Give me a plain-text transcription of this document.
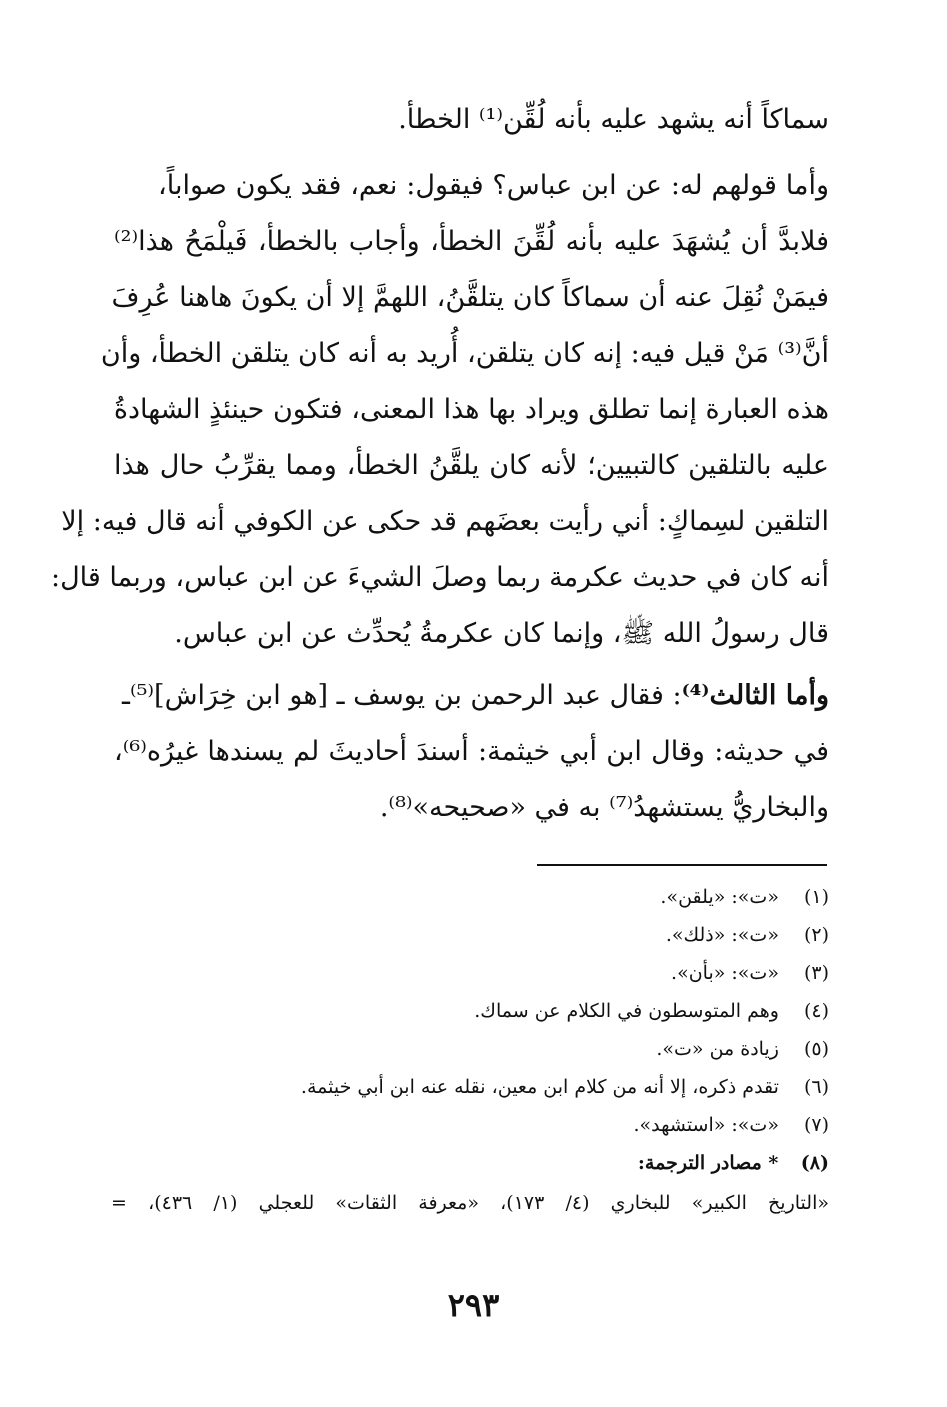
سماكاً أنه يشهد عليه بأنه لُقِّن⁽¹⁾ الخطأ.
وأما قولهم له: عن ابن عباس؟ فيقول: نعم، فقد يكون صواباً،
فلابدَّ أن يُشهَدَ عليه بأنه لُقِّنَ الخطأ، وأجاب بالخطأ، فَيلْمَحُ هذا⁽²⁾
فيمَنْ نُقِلَ عنه أن سماكاً كان يتلقَّنُ، اللهمَّ إلا أن يكونَ هاهنا عُرِفَ
أنَّ⁽³⁾ مَنْ قيل فيه: إنه كان يتلقن، أُريد به أنه كان يتلقن الخطأ، وأن
هذه العبارة إنما تطلق ويراد بها هذا المعنى، فتكون حينئذٍ الشهادةُ
عليه بالتلقين كالتبيين؛ لأنه كان يلقَّنُ الخطأ، ومما يقرِّبُ حال هذا
التلقين لسِماكٍ: أني رأيت بعضَهم قد حكى عن الكوفي أنه قال فيه: إلا
أنه كان في حديث عكرمة ربما وصلَ الشيءَ عن ابن عباس، وربما قال:
قال رسولُ الله ﷺ، وإنما كان عكرمةُ يُحدِّث عن ابن عباس.
وأما الثالث⁽⁴⁾: فقال عبد الرحمن بن يوسف ـ [هو ابن خِرَاش]⁽⁵⁾ـ
في حديثه: وقال ابن أبي خيثمة: أسندَ أحاديثَ لم يسندها غيرُه⁽⁶⁾،
والبخاريُّ يستشهدُ⁽⁷⁾ به في «صحيحه»⁽⁸⁾.
(١) «ت»: «يلقن».
(٢) «ت»: «ذلك».
(٣) «ت»: «بأن».
(٤) وهم المتوسطون في الكلام عن سماك.
(٥) زيادة من «ت».
(٦) تقدم ذكره، إلا أنه من كلام ابن معين، نقله عنه ابن أبي خيثمة.
(٧) «ت»: «استشهد».
(٨) * مصادر الترجمة:
«التاريخ الكبير» للبخاري (٤/ ١٧٣)، «معرفة الثقات» للعجلي (١/ ٤٣٦)، =
٢٩٣
